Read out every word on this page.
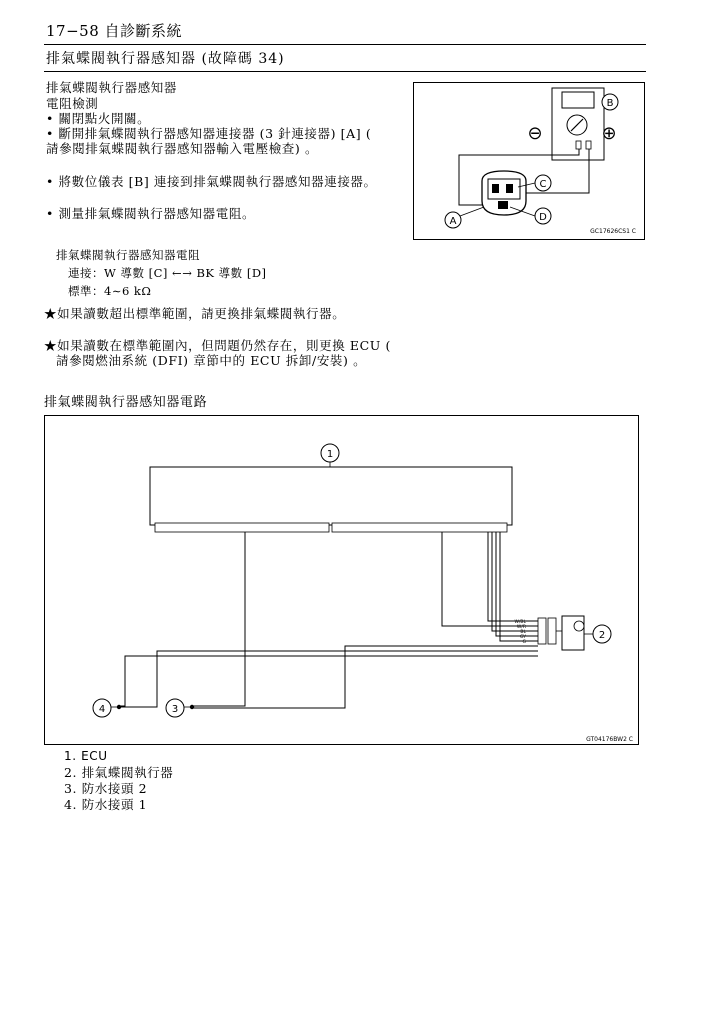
17−58 自診斷系統
排氣蝶閥執行器感知器 (故障碼 34)
排氣蝶閥執行器感知器
電阻檢測
• 關閉點火開關。
• 斷開排氣蝶閥執行器感知器連接器 (3 針連接器) [A] (
請參閱排氣蝶閥執行器感知器輸入電壓檢查) 。
• 將數位儀表 [B] 連接到排氣蝶閥執行器感知器連接器。
• 測量排氣蝶閥執行器感知器電阻。
⊖	⊕
B
C
D
A
GC17626CS1 C
排氣蝶閥執行器感知器電阻
連接：W 導數 [C] ←→ BK 導數 [D]
標準：4∼6 kΩ
★如果讀數超出標準範圍，請更換排氣蝶閥執行器。
★如果讀數在標準範圍內，但問題仍然存在，則更換 ECU (
請參閱燃油系統 (DFI) 章節中的 ECU 拆卸/安裝) 。
排氣蝶閥執行器感知器電路
1
W/BL
W/R
BL
GY
G
2
3
4
GT04176BW2 C
1. ECU
2. 排氣蝶閥執行器
3. 防水接頭 2
4. 防水接頭 1
